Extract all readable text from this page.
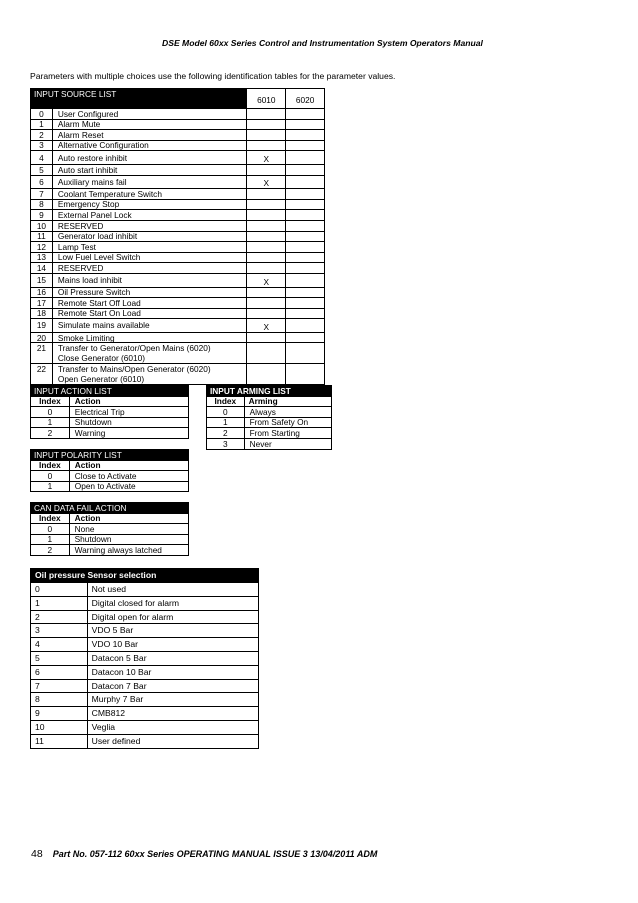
DSE Model 60xx Series Control and Instrumentation System Operators Manual
Parameters with multiple choices use the following identification tables for the parameter values.
INPUT SOURCE LIST		6010	6020
0	User Configured		
1	Alarm Mute		
2	Alarm Reset		
3	Alternative Configuration		
4	Auto restore inhibit	X	
5	Auto start inhibit		
6	Auxiliary mains fail	X	
7	Coolant Temperature Switch		
8	Emergency Stop		
9	External Panel Lock		
10	RESERVED		
11	Generator load inhibit		
12	Lamp Test		
13	Low Fuel Level Switch		
14	RESERVED		
15	Mains load inhibit	X	
16	Oil Pressure Switch		
17	Remote Start Off Load		
18	Remote Start On Load		
19	Simulate mains available	X	
20	Smoke Limiting		
21	Transfer to Generator/Open Mains (6020)
Close Generator (6010)		

22	Transfer to Mains/Open Generator (6020)
Open Generator (6010)		

INPUT ACTION LIST	
Index	Action
0	Electrical Trip
1	Shutdown
2	Warning
INPUT ARMING LIST	
Index	Arming
0	Always
1	From Safety On
2	From Starting
3	Never
INPUT POLARITY LIST	
Index	Action
0	Close to Activate
1	Open to Activate
CAN DATA FAIL ACTION	
Index	Action
0	None
1	Shutdown
2	Warning always latched
Oil pressure Sensor selection	
0	Not used
1	Digital closed for alarm
2	Digital open for alarm
3	VDO 5 Bar
4	VDO 10 Bar
5	Datacon 5 Bar
6	Datacon 10 Bar
7	Datacon 7 Bar
8	Murphy 7 Bar
9	CMB812
10	Veglia
11	User defined
48 Part No. 057-112 60xx Series OPERATING MANUAL ISSUE 3 13/04/2011 ADM
